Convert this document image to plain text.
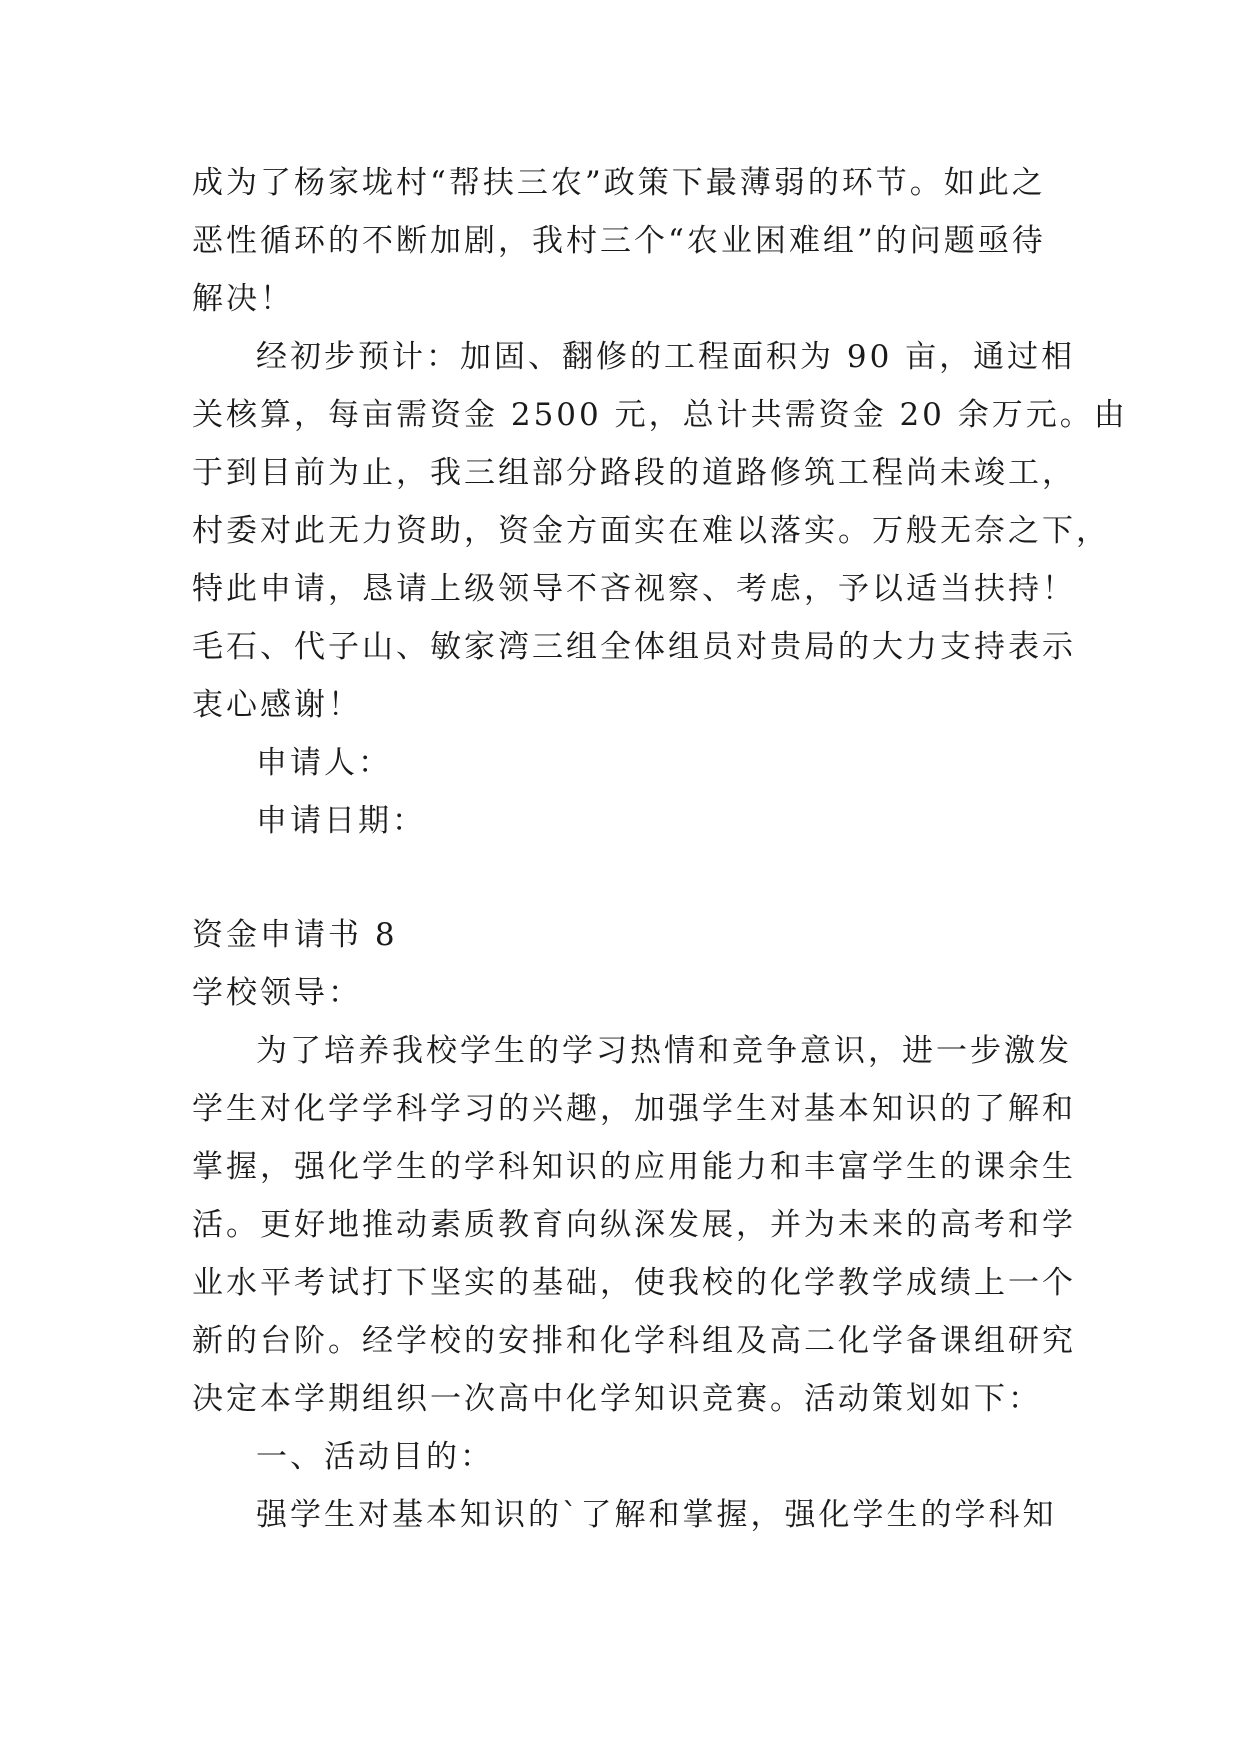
成为了杨家垅村“帮扶三农”政策下最薄弱的环节。如此之
恶性循环的不断加剧，我村三个“农业困难组”的问题亟待
解决！
经初步预计：加固、翻修的工程面积为 90 亩，通过相
关核算，每亩需资金 2500 元，总计共需资金 20 余万元。由
于到目前为止，我三组部分路段的道路修筑工程尚未竣工，
村委对此无力资助，资金方面实在难以落实。万般无奈之下，
特此申请，恳请上级领导不吝视察、考虑，予以适当扶持！
毛石、代子山、敏家湾三组全体组员对贵局的大力支持表示
衷心感谢！
申请人：
申请日期：
资金申请书 8
学校领导：
为了培养我校学生的学习热情和竞争意识，进一步激发
学生对化学学科学习的兴趣，加强学生对基本知识的了解和
掌握，强化学生的学科知识的应用能力和丰富学生的课余生
活。更好地推动素质教育向纵深发展，并为未来的高考和学
业水平考试打下坚实的基础，使我校的化学教学成绩上一个
新的台阶。经学校的安排和化学科组及高二化学备课组研究
决定本学期组织一次高中化学知识竞赛。活动策划如下：
一、活动目的：
强学生对基本知识的`了解和掌握，强化学生的学科知
